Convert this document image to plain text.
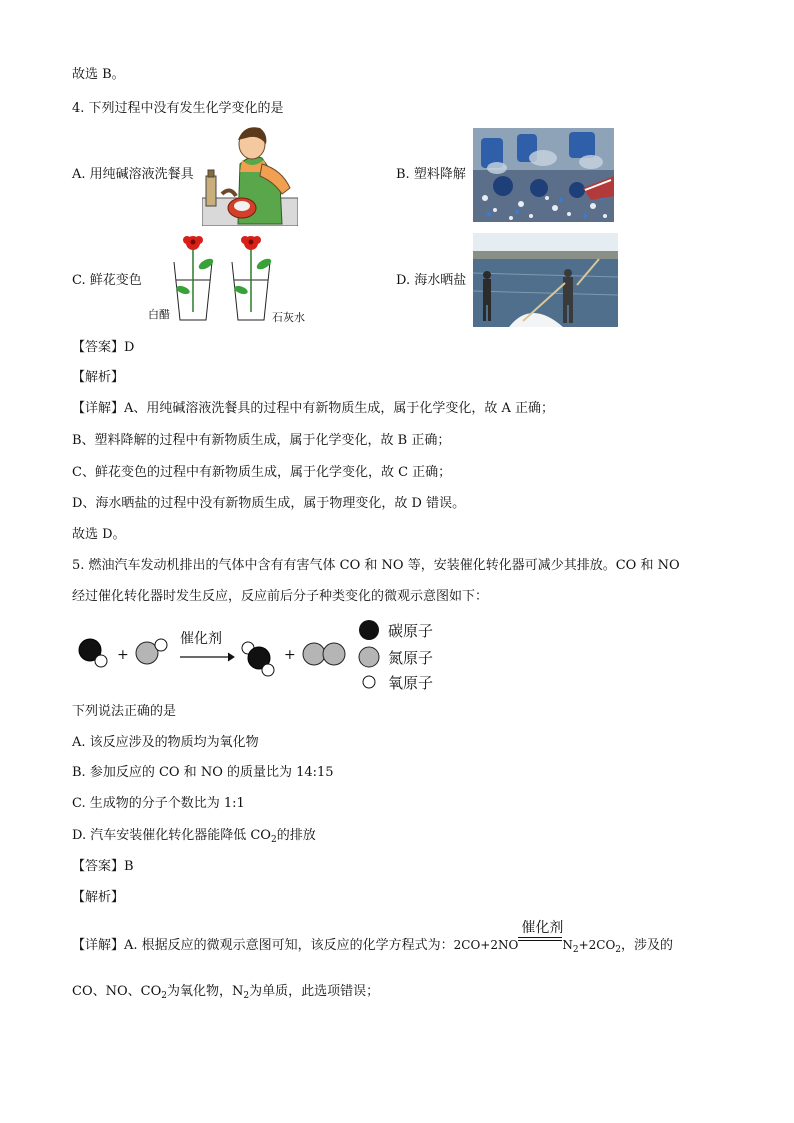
故选 B。
4. 下列过程中没有发生化学变化的是
A. 用纯碱溶液洗餐具	B. 塑料降解
C. 鲜花变色
白醋	石灰水
D. 海水晒盐
【答案】D
【解析】
【详解】A、用纯碱溶液洗餐具的过程中有新物质生成，属于化学变化，故 A 正确；
B、塑料降解的过程中有新物质生成，属于化学变化，故 B 正确；
C、鲜花变色的过程中有新物质生成，属于化学变化，故 C 正确；
D、海水晒盐的过程中没有新物质生成，属于物理变化，故 D 错误。
故选 D。
5. 燃油汽车发动机排出的气体中含有有害气体 CO 和 NO 等，安装催化转化器可减少其排放。CO 和 NO
经过催化转化器时发生反应，反应前后分子种类变化的微观示意图如下：
+
催化剂
+
碳原子
氮原子
氧原子
下列说法正确的是
A. 该反应涉及的物质均为氧化物
B. 参加反应的 CO 和 NO 的质量比为 14:15
C. 生成物的分子个数比为 1:1
D. 汽车安装催化转化器能降低 $CO_2$的排放
【答案】B
【解析】
【详解】A. 根据反应的微观示意图可知，该反应的化学方程式为：2CO+2NO
催化剂
$N_2+2CO_2$，涉及的
CO、NO、$CO_2$为氧化物，$N_2$为单质，此选项错误；
